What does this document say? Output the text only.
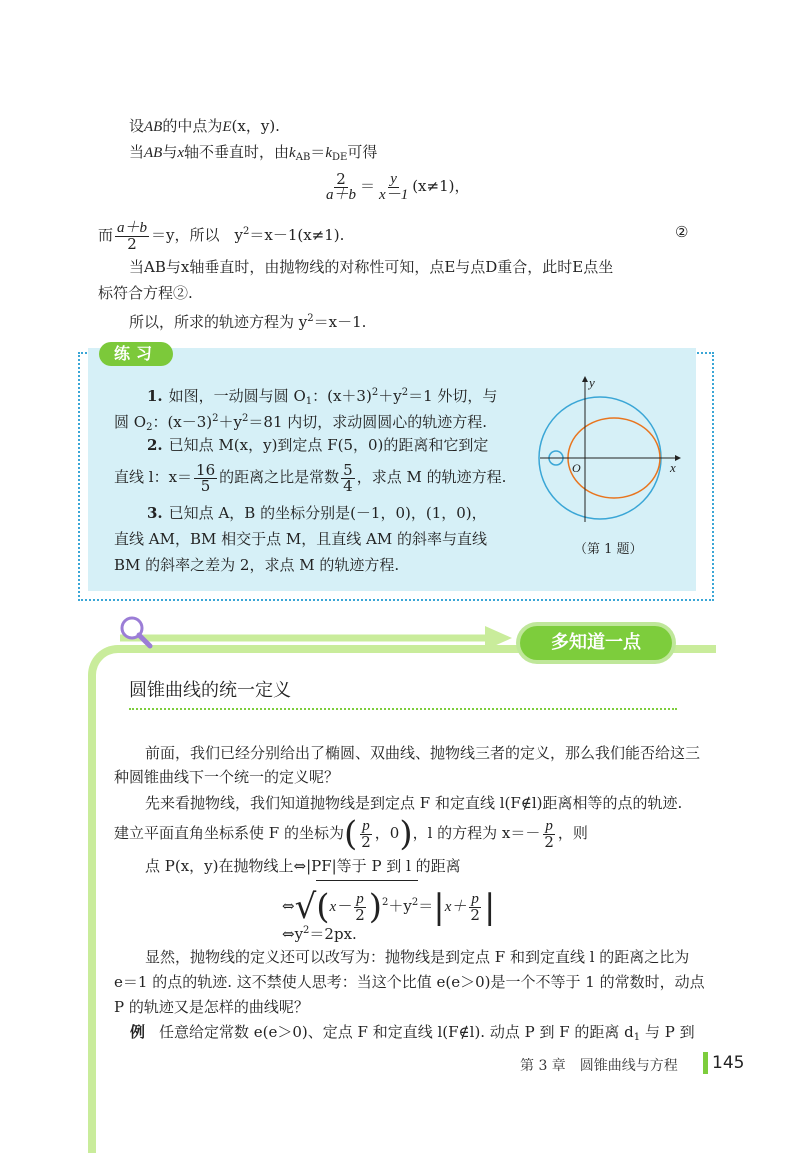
设AB的中点为E(x，y).
当AB与x轴不垂直时，由$k_{AB}=k_{DE}$可得
$\frac{2}{a+b} = \frac{y}{x-1} (x\ne 1)$，
而 $\frac{a+b}{2} =y$，所以　$y^2=x-1(x\ne 1)$.	②
当AB与x轴垂直时，由抛物线的对称性可知，点E与点D重合，此时E点坐
标符合方程②.
所以，所求的轨迹方程为 $y^2=x-1$.
练习
1. 如图，一动圆与圆 $O_1$：$(x+3)^2+y^2=1$ 外切，与
圆 $O_2$：$(x-3)^2+y^2=81$ 内切，求动圆圆心的轨迹方程.
2. 已知点 M(x，y)到定点 F(5，0)的距离和它到定
直线 l：$x= \frac{16}{5}$ 的距离之比是常数 $\frac{5}{4}$ ，求点 M 的轨迹方程.
3. 已知点 A，B 的坐标分别是(－1，0)，(1，0)，
直线 AM，BM 相交于点 M，且直线 AM 的斜率与直线
BM 的斜率之差为 2，求点 M 的轨迹方程.
x
y
O
（第 1 题）
多知道一点
圆锥曲线的统一定义
前面，我们已经分别给出了椭圆、双曲线、抛物线三者的定义，那么我们能否给这三
种圆锥曲线下一个统一的定义呢？
先来看抛物线，我们知道抛物线是到定点 F 和定直线 l(F∉l)距离相等的点的轨迹.
建立平面直角坐标系使 F 的坐标为( $\frac{p}{2}$ ，0)，l 的方程为 $x=- \frac{p}{2}$ ，则
点 P(x，y)在抛物线上⇔|PF|等于 P 到 l 的距离
⇔√(x－ $\frac{p}{2} )^2+y^2=|x+ \frac{p}{2}$ |
$\Leftrightarrow y^2=2px$.
显然，抛物线的定义还可以改写为：抛物线是到定点 F 和到定直线 l 的距离之比为
e＝1 的点的轨迹. 这不禁使人思考：当这个比值 e(e＞0)是一个不等于 1 的常数时，动点
P 的轨迹又是怎样的曲线呢？
例 任意给定常数 e(e＞0)、定点 F 和定直线 l(F∉l). 动点 P 到 F 的距离 $d_1$ 与 P 到
第 3 章　圆锥曲线与方程 145
